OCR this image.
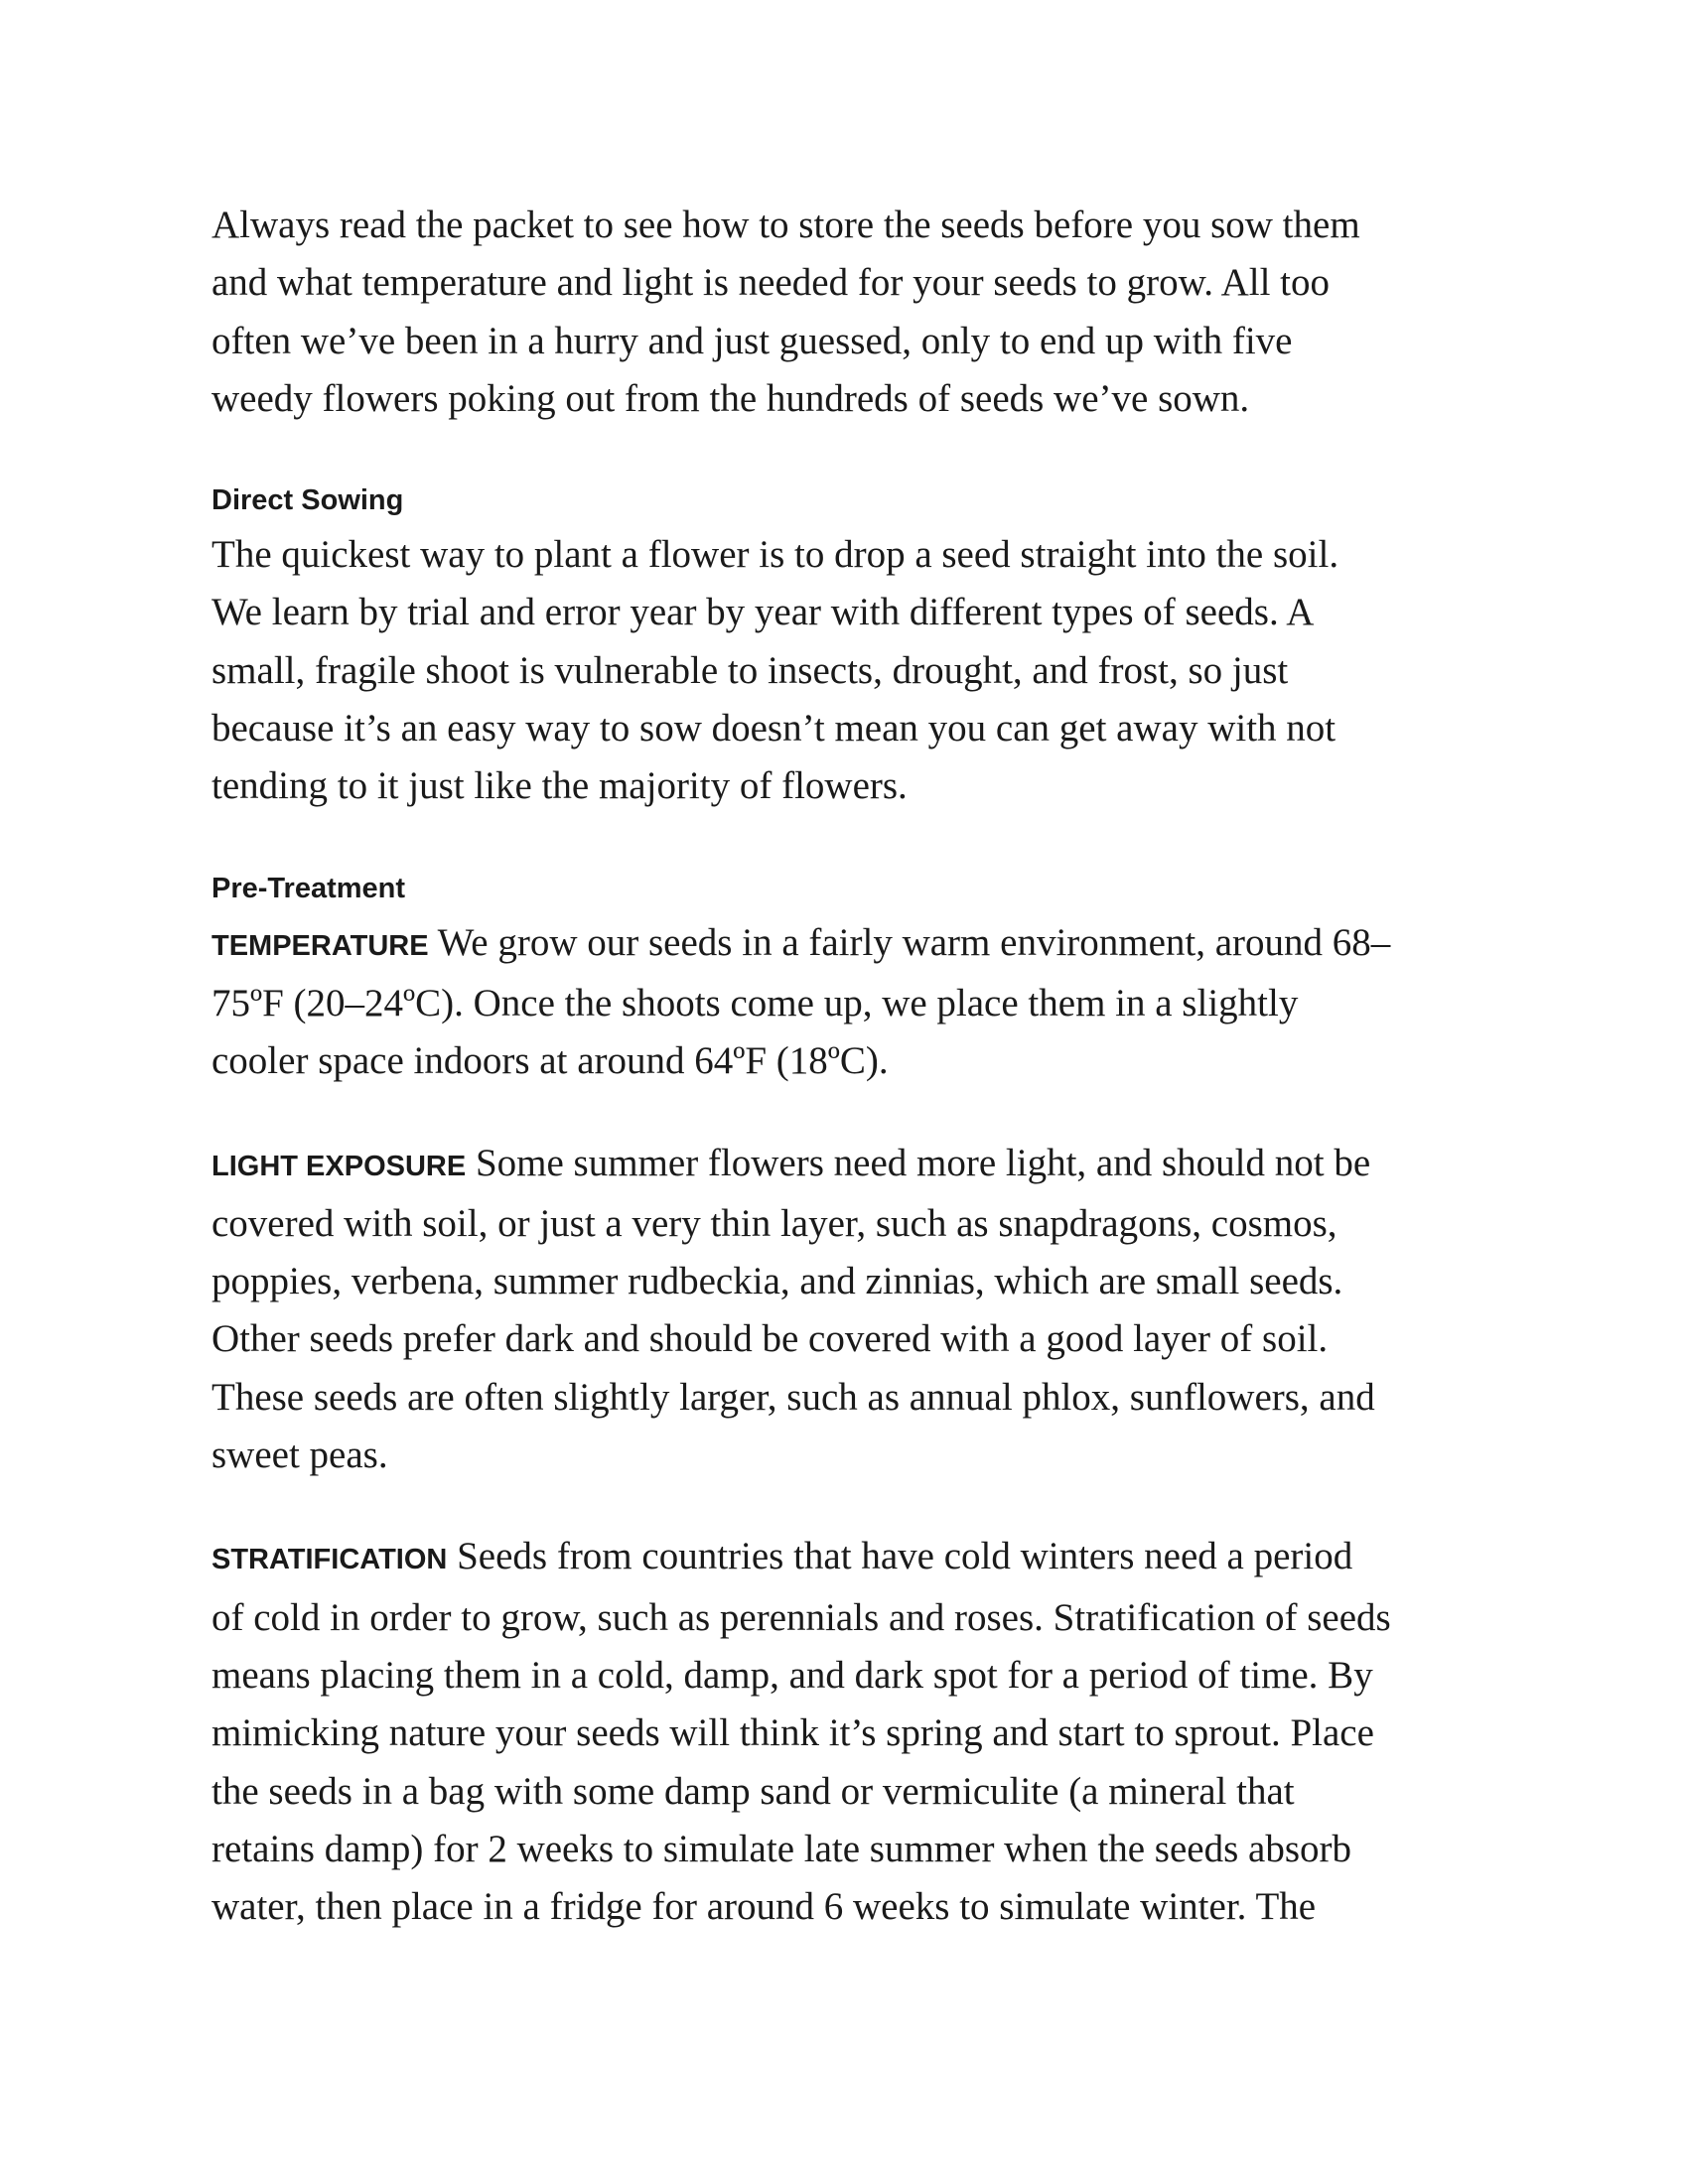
Always read the packet to see how to store the seeds before you sow them
and what temperature and light is needed for your seeds to grow. All too
often we’ve been in a hurry and just guessed, only to end up with five
weedy flowers poking out from the hundreds of seeds we’ve sown.

Direct Sowing

The quickest way to plant a flower is to drop a seed straight into the soil.
We learn by trial and error year by year with different types of seeds. A
small, fragile shoot is vulnerable to insects, drought, and frost, so just
because it’s an easy way to sow doesn’t mean you can get away with not
tending to it just like the majority of flowers.

Pre-Treatment

TEMPERATURE We grow our seeds in a fairly warm environment, around 68–
75ºF (20–24ºC). Once the shoots come up, we place them in a slightly
cooler space indoors at around 64ºF (18ºC).

LIGHT EXPOSURE Some summer flowers need more light, and should not be
covered with soil, or just a very thin layer, such as snapdragons, cosmos,
poppies, verbena, summer rudbeckia, and zinnias, which are small seeds.
Other seeds prefer dark and should be covered with a good layer of soil.
These seeds are often slightly larger, such as annual phlox, sunflowers, and
sweet peas.

STRATIFICATION Seeds from countries that have cold winters need a period
of cold in order to grow, such as perennials and roses. Stratification of seeds
means placing them in a cold, damp, and dark spot for a period of time. By
mimicking nature your seeds will think it’s spring and start to sprout. Place
the seeds in a bag with some damp sand or vermiculite (a mineral that
retains damp) for 2 weeks to simulate late summer when the seeds absorb
water, then place in a fridge for around 6 weeks to simulate winter. The
